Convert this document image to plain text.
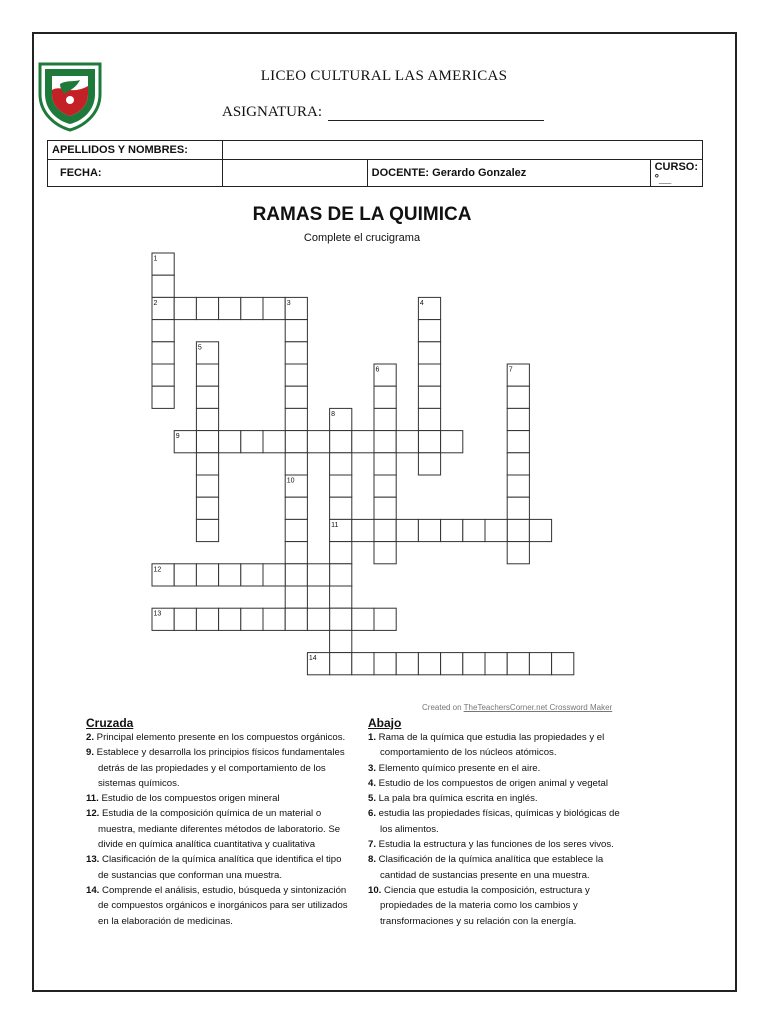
LICEO CULTURAL LAS AMERICAS
ASIGNATURA:
APELLIDOS Y NOMBRES:			
FECHA:		DOCENTE: Gerardo Gonzalez	CURSO: °__
RAMAS DE LA QUIMICA
Complete el crucigrama
1
2	3	4
5
6	7
8
9
10
11
12
13
14
Created on TheTeachersCorner.net Crossword Maker
Cruzada	Abajo

2. Principal elemento presente en los compuestos orgánicos.

9. Establece y desarrolla los principios físicos fundamentales detrás de las propiedades y el comportamiento de los sistemas químicos.

11. Estudio de los compuestos origen mineral

12. Estudia de la composición química de un material o muestra, mediante diferentes métodos de laboratorio. Se divide en química analítica cuantitativa y cualitativa

13. Clasificación de la química analítica que identifica el tipo de sustancias que conforman una muestra.

14. Comprende el análisis, estudio, búsqueda y sintonización de compuestos orgánicos e inorgánicos para ser utilizados en la elaboración de medicinas.

1. Rama de la química que estudia las propiedades y el comportamiento de los núcleos atómicos.

3. Elemento químico presente en el aire.

4. Estudio de los compuestos de origen animal y vegetal

5. La pala bra química escrita en inglés.

6. estudia las propiedades físicas, químicas y biológicas de los alimentos.

7. Estudia la estructura y las funciones de los seres vivos.

8. Clasificación de la química analítica que establece la cantidad de sustancias presente en una muestra.

10. Ciencia que estudia la composición, estructura y propiedades de la materia como los cambios y transformaciones y su relación con la energía.
